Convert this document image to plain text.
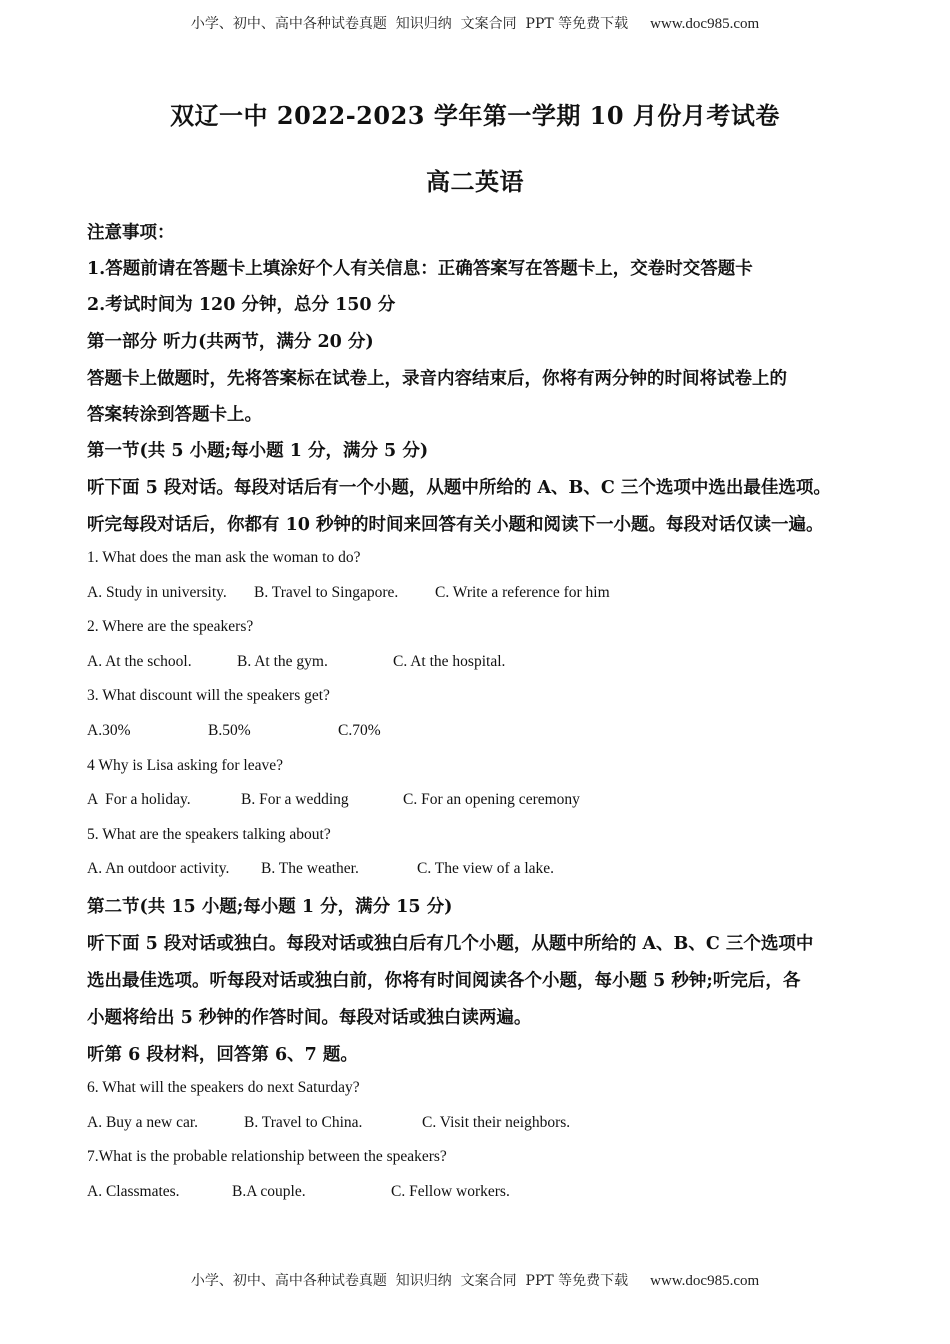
小学、初中、高中各种试卷真题  知识归纳  文案合同  PPT 等免费下载 www.doc985.com
双辽一中 2022-2023 学年第一学期 10 月份月考试卷
高二英语
注意事项：
1.答题前请在答题卡上填涂好个人有关信息：正确答案写在答题卡上，交卷时交答题卡
2.考试时间为 120 分钟，总分 150 分
第一部分 听力(共两节，满分 20 分)
答题卡上做题时，先将答案标在试卷上，录音内容结束后，你将有两分钟的时间将试卷上的
答案转涂到答题卡上。
第一节(共 5 小题;每小题 1 分，满分 5 分)
听下面 5 段对话。每段对话后有一个小题，从题中所给的 A、B、C 三个选项中选出最佳选项。
听完每段对话后，你都有 10 秒钟的时间来回答有关小题和阅读下一小题。每段对话仅读一遍。
1. What does the man ask the woman to do?
A. Study in university. B. Travel to Singapore. C. Write a reference for him
2. Where are the speakers?
A. At the school.	B. At the gym.	C. At the hospital.
3. What discount will the speakers get?
A.30%	B.50%	C.70%
4 Why is Lisa asking for leave?
A  For a holiday.	B. For a wedding	C. For an opening ceremony
5. What are the speakers talking about?
A. An outdoor activity. B. The weather.	C. The view of a lake.
第二节(共 15 小题;每小题 1 分，满分 15 分)
听下面 5 段对话或独白。每段对话或独白后有几个小题，从题中所给的 A、B、C 三个选项中
选出最佳选项。听每段对话或独白前，你将有时间阅读各个小题，每小题 5 秒钟;听完后，各
小题将给出 5 秒钟的作答时间。每段对话或独白读两遍。
听第 6 段材料，回答第 6、7 题。
6. What will the speakers do next Saturday?
A. Buy a new car.	B. Travel to China.	C. Visit their neighbors.
7.What is the probable relationship between the speakers?
A. Classmates.	B.A couple.	C. Fellow workers.
小学、初中、高中各种试卷真题  知识归纳  文案合同  PPT 等免费下载 www.doc985.com
